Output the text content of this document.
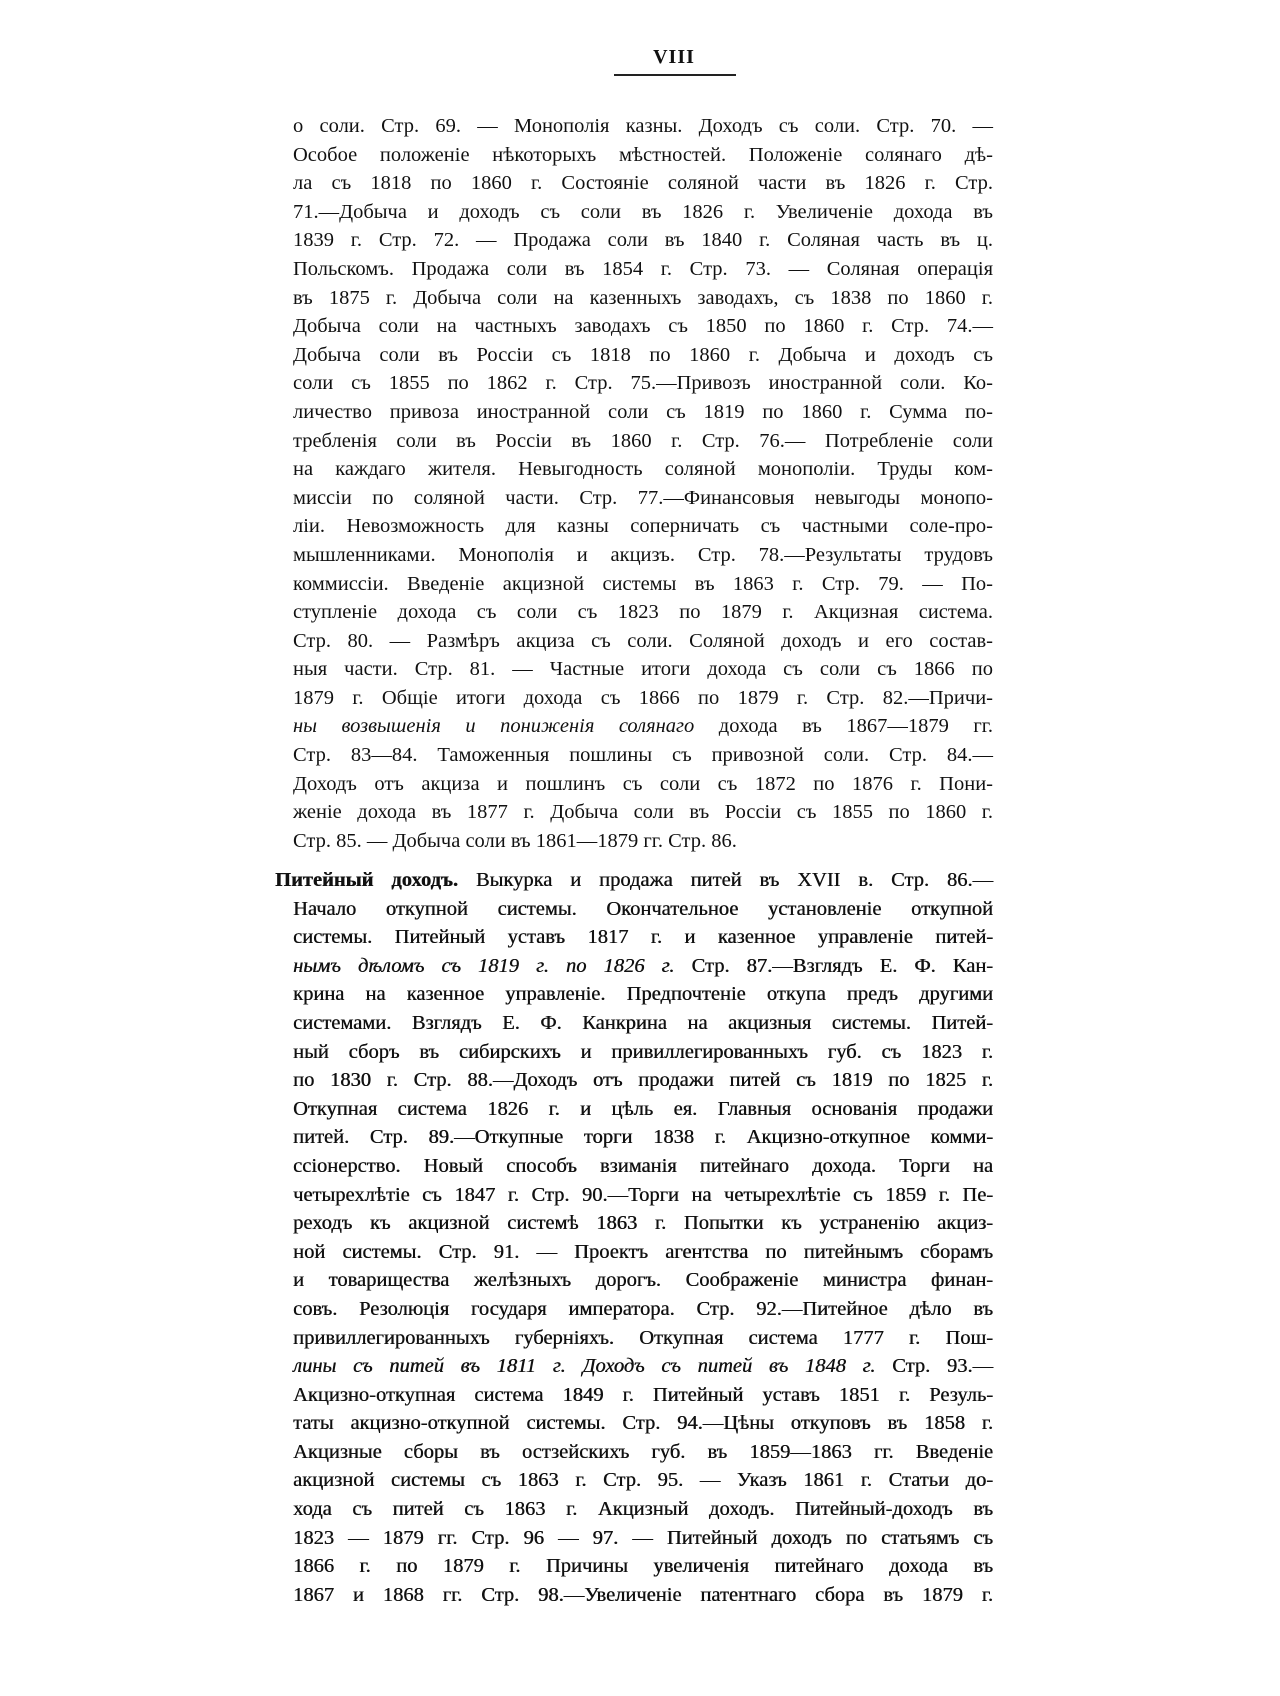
VIII
о соли. Стр. 69. — Монополія казны. Доходъ съ соли. Стр. 70. —
Особое положеніе нѣкоторыхъ мѣстностей. Положеніе солянаго дѣ-
ла съ 1818 по 1860 г. Состояніе соляной части въ 1826 г. Стр.
71.—Добыча и доходъ съ соли въ 1826 г. Увеличеніе дохода въ
1839 г. Стр. 72. — Продажа соли въ 1840 г. Соляная часть въ ц.
Польскомъ. Продажа соли въ 1854 г. Стр. 73. — Соляная операція
въ 1875 г. Добыча соли на казенныхъ заводахъ, съ 1838 по 1860 г.
Добыча соли на частныхъ заводахъ съ 1850 по 1860 г. Стр. 74.—
Добыча соли въ Россіи съ 1818 по 1860 г. Добыча и доходъ съ
соли съ 1855 по 1862 г. Стр. 75.—Привозъ иностранной соли. Ко-
личество привоза иностранной соли съ 1819 по 1860 г. Сумма по-
требленія соли въ Россіи въ 1860 г. Стр. 76.— Потребленіе соли
на каждаго жителя. Невыгодность соляной монополіи. Труды ком-
миссіи по соляной части. Стр. 77.—Финансовыя невыгоды монопо-
ліи. Невозможность для казны соперничать съ частными соле-про-
мышленниками. Монополія и акцизъ. Стр. 78.—Результаты трудовъ
коммиссіи. Введеніе акцизной системы въ 1863 г. Стр. 79. — По-
ступленіе дохода съ соли съ 1823 по 1879 г. Акцизная система.
Стр. 80. — Размѣръ акциза съ соли. Соляной доходъ и его состав-
ныя части. Стр. 81. — Частные итоги дохода съ соли съ 1866 по
1879 г. Общіе итоги дохода съ 1866 по 1879 г. Стр. 82.—Причи-
ны возвышенія и пониженія солянаго дохода въ 1867—1879 гг.
Стр. 83—84. Таможенныя пошлины съ привозной соли. Стр. 84.—
Доходъ отъ акциза и пошлинъ съ соли съ 1872 по 1876 г. Пони-
женіе дохода въ 1877 г. Добыча соли въ Россіи съ 1855 по 1860 г.
Стр. 85. — Добыча соли въ 1861—1879 гг. Стр. 86.
Питейный доходъ. Выкурка и продажа питей въ XVII в. Стр. 86.—
Начало откупной системы. Окончательное установленіе откупной
системы. Питейный уставъ 1817 г. и казенное управленіе питей-
нымъ дѣломъ съ 1819 г. по 1826 г. Стр. 87.—Взглядъ Е. Ф. Кан-
крина на казенное управленіе. Предпочтеніе откупа предъ другими
системами. Взглядъ Е. Ф. Канкрина на акцизныя системы. Питей-
ный сборъ въ сибирскихъ и привиллегированныхъ губ. съ 1823 г.
по 1830 г. Стр. 88.—Доходъ отъ продажи питей съ 1819 по 1825 г.
Откупная система 1826 г. и цѣль ея. Главныя основанія продажи
питей. Стр. 89.—Откупные торги 1838 г. Акцизно-откупное комми-
ссіонерство. Новый способъ взиманія питейнаго дохода. Торги на
четырехлѣтіе съ 1847 г. Стр. 90.—Торги на четырехлѣтіе съ 1859 г. Пе-
реходъ къ акцизной системѣ 1863 г. Попытки къ устраненію акциз-
ной системы. Стр. 91. — Проектъ агентства по питейнымъ сборамъ
и товарищества желѣзныхъ дорогъ. Соображеніе министра финан-
совъ. Резолюція государя императора. Стр. 92.—Питейное дѣло въ
привиллегированныхъ губерніяхъ. Откупная система 1777 г. Пош-
лины съ питей въ 1811 г. Доходъ съ питей въ 1848 г. Стр. 93.—
Акцизно-откупная система 1849 г. Питейный уставъ 1851 г. Резуль-
таты акцизно-откупной системы. Стр. 94.—Цѣны откуповъ въ 1858 г.
Акцизные сборы въ остзейскихъ губ. въ 1859—1863 гг. Введеніе
акцизной системы съ 1863 г. Стр. 95. — Указъ 1861 г. Статьи до-
хода съ питей съ 1863 г. Акцизный доходъ. Питейный-доходъ въ
1823 — 1879 гг. Стр. 96 — 97. — Питейный доходъ по статьямъ съ
1866 г. по 1879 г. Причины увеличенія питейнаго дохода въ
1867 и 1868 гг. Стр. 98.—Увеличеніе патентнаго сбора въ 1879 г.
